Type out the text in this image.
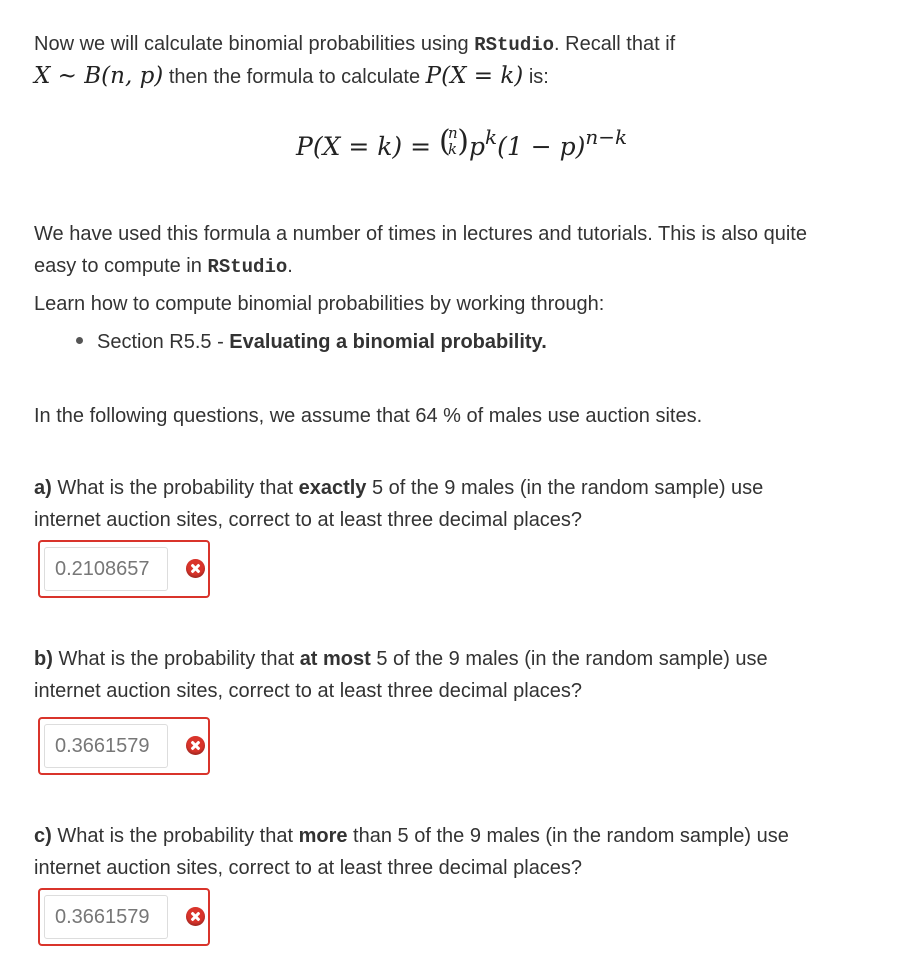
Now we will calculate binomial probabilities using RStudio. Recall that if
X ~ B(n, p) then the formula to calculate P(X = k) is:
P(X = k) = (
n
k ) $p^k(1 - p)^{n-k}$
We have used this formula a number of times in lectures and tutorials. This is also quite
easy to compute in RStudio.
Learn how to compute binomial probabilities by working through:
Section R5.5 - Evaluating a binomial probability.
In the following questions, we assume that 64 % of males use auction sites.
a) What is the probability that exactly 5 of the 9 males (in the random sample) use
internet auction sites, correct to at least three decimal places?
0.2108657
b) What is the probability that at most 5 of the 9 males (in the random sample) use
internet auction sites, correct to at least three decimal places?
0.3661579
c) What is the probability that more than 5 of the 9 males (in the random sample) use
internet auction sites, correct to at least three decimal places?
0.3661579
